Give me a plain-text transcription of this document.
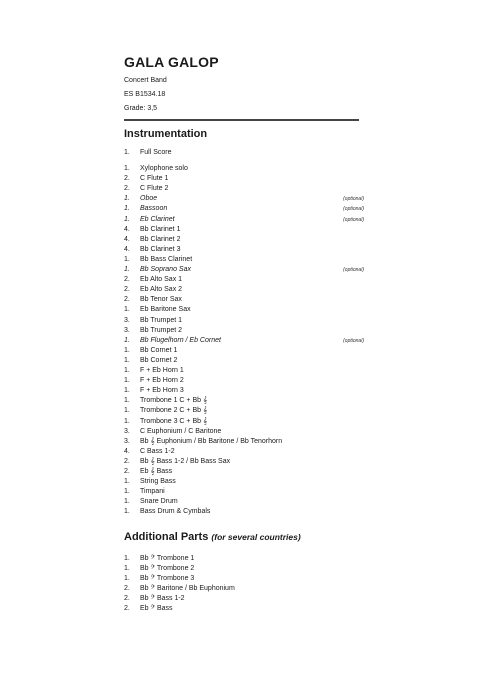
GALA GALOP
Concert Band
ES B1534.18
Grade: 3,5
Instrumentation
1. Full Score
1. Xylophone solo
2. C Flute 1
2. C Flute 2
1. Oboe	(optional)
1. Bassoon	(optional)
1. Eb Clarinet	(optional)
4. Bb Clarinet 1
4. Bb Clarinet 2
4. Bb Clarinet 3
1. Bb Bass Clarinet
1. Bb Soprano Sax	(optional)
2. Eb Alto Sax 1
2. Eb Alto Sax 2
2. Bb Tenor Sax
1. Eb Baritone Sax
3. Bb Trumpet 1
3. Bb Trumpet 2
1. Bb Flugelhorn / Eb Cornet	(optional)
1. Bb Cornet 1
1. Bb Cornet 2
1. F + Eb Horn 1
1. F + Eb Horn 2
1. F + Eb Horn 3
1. Trombone 1 C + Bb 𝄞
1. Trombone 2 C + Bb 𝄞
1. Trombone 3 C + Bb 𝄞
3. C Euphonium / C Baritone
3. Bb 𝄞 Euphonium / Bb Baritone / Bb Tenorhorn
4. C Bass 1-2
2. Bb 𝄞 Bass 1-2 / Bb Bass Sax
2. Eb 𝄞 Bass
1. String Bass
1. Timpani
1. Snare Drum
1. Bass Drum & Cymbals
Additional Parts (for several countries)
1. Bb 𝄢 Trombone 1
1. Bb 𝄢 Trombone 2
1. Bb 𝄢 Trombone 3
2. Bb 𝄢 Baritone / Bb Euphonium
2. Bb 𝄢 Bass 1-2
2. Eb 𝄢 Bass
